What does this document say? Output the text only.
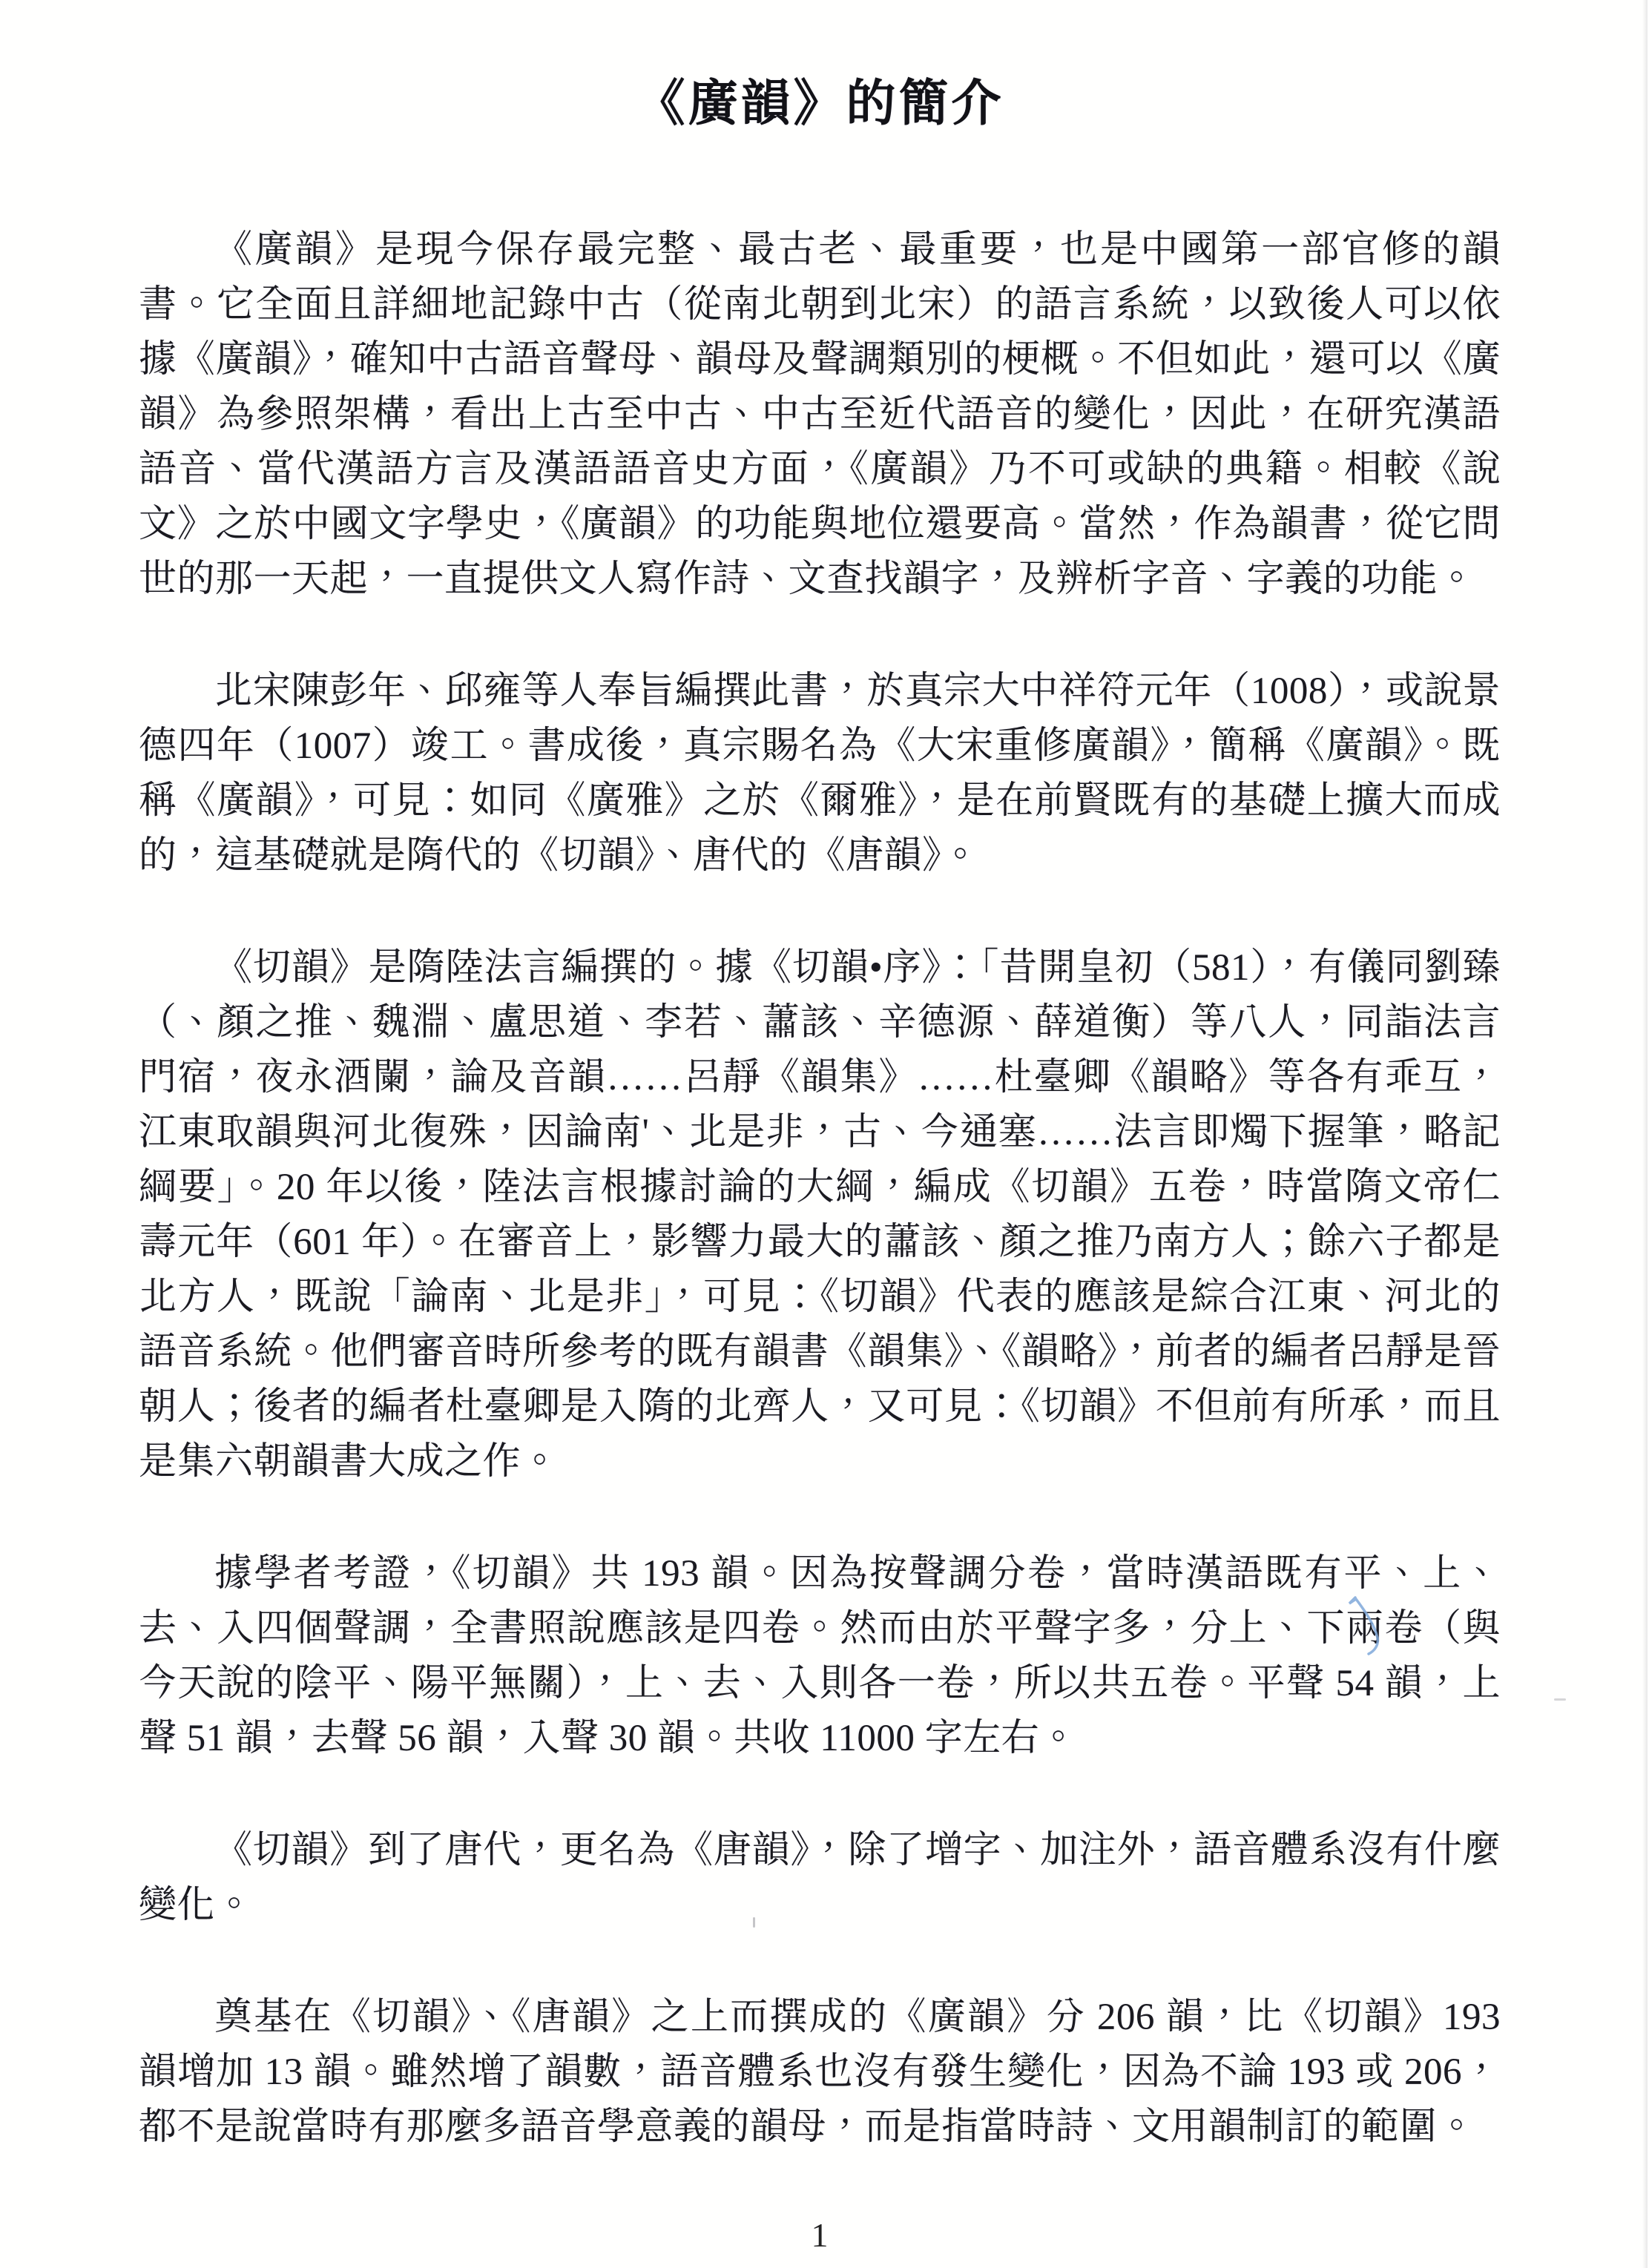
《廣韻》的簡介

《廣韻》是現今保存最完整、最古老、最重要，也是中國第一部官修的韻書。它全面且詳細地記錄中古（從南北朝到北宋）的語言系統，以致後人可以依據《廣韻》，確知中古語音聲母、韻母及聲調類別的梗概。不但如此，還可以《廣韻》為參照架構，看出上古至中古、中古至近代語音的變化，因此，在研究漢語語音、當代漢語方言及漢語語音史方面，《廣韻》乃不可或缺的典籍。相較《說文》之於中國文字學史，《廣韻》的功能與地位還要高。當然，作為韻書，從它問世的那一天起，一直提供文人寫作詩、文查找韻字，及辨析字音、字義的功能。

北宋陳彭年、邱雍等人奉旨編撰此書，於真宗大中祥符元年（1008），或說景德四年（1007）竣工。書成後，真宗賜名為《大宋重修廣韻》，簡稱《廣韻》。既稱《廣韻》，可見：如同《廣雅》之於《爾雅》，是在前賢既有的基礎上擴大而成的，這基礎就是隋代的《切韻》、唐代的《唐韻》。

《切韻》是隋陸法言編撰的。據《切韻•序》：「昔開皇初（581），有儀同劉臻（、顏之推、魏淵、盧思道、李若、蕭該、辛德源、薛道衡）等八人，同詣法言門宿，夜永酒闌，論及音韻……呂靜《韻集》……杜臺卿《韻略》等各有乖互，江東取韻與河北復殊，因論南'、北是非，古、今通塞……法言即燭下握筆，略記綱要」。20 年以後，陸法言根據討論的大綱，編成《切韻》五卷，時當隋文帝仁壽元年（601 年）。在審音上，影響力最大的蕭該、顏之推乃南方人；餘六子都是北方人，既說「論南、北是非」，可見：《切韻》代表的應該是綜合江東、河北的語音系統。他們審音時所參考的既有韻書《韻集》、《韻略》，前者的編者呂靜是晉朝人；後者的編者杜臺卿是入隋的北齊人，又可見：《切韻》不但前有所承，而且是集六朝韻書大成之作。

據學者考證，《切韻》共 193 韻。因為按聲調分卷，當時漢語既有平、上、去、入四個聲調，全書照說應該是四卷。然而由於平聲字多，分上、下兩卷（與今天說的陰平、陽平無關），上、去、入則各一卷，所以共五卷。平聲 54 韻，上聲 51 韻，去聲 56 韻，入聲 30 韻。共收 11000 字左右。

《切韻》到了唐代，更名為《唐韻》，除了增字、加注外，語音體系沒有什麼變化。

奠基在《切韻》、《唐韻》之上而撰成的《廣韻》分 206 韻，比《切韻》193 韻增加 13 韻。雖然增了韻數，語音體系也沒有發生變化，因為不論 193 或 206，都不是說當時有那麼多語音學意義的韻母，而是指當時詩、文用韻制訂的範圍。

1
